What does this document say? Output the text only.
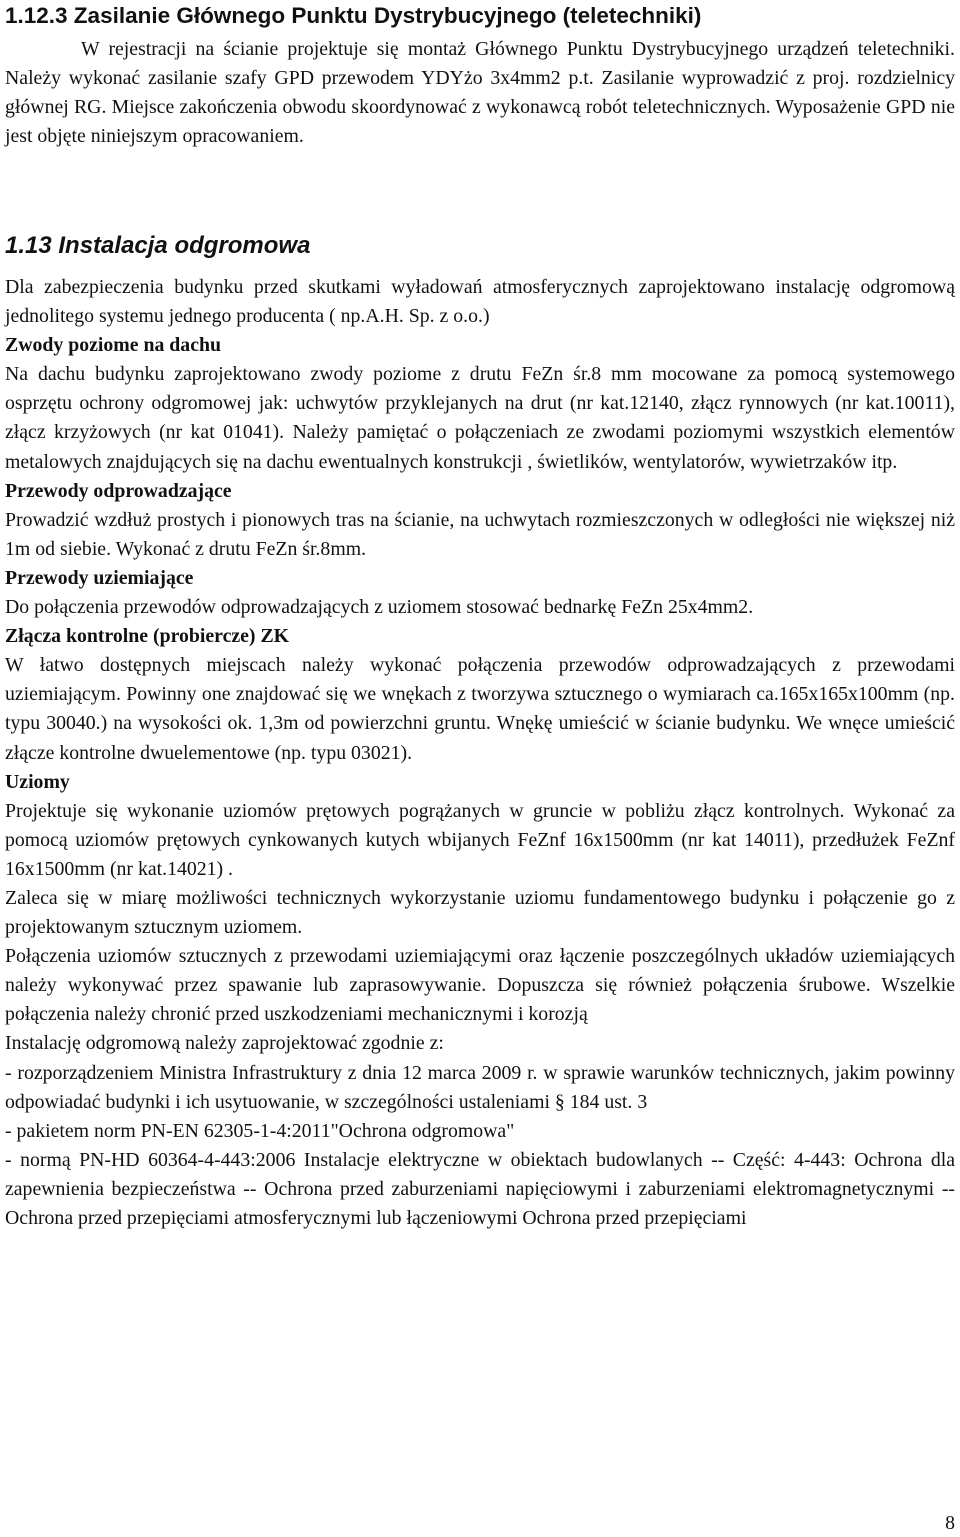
1.12.3 Zasilanie Głównego Punktu Dystrybucyjnego (teletechniki)

W rejestracji na ścianie projektuje się montaż Głównego Punktu Dystrybucyjnego urządzeń teletechniki. Należy wykonać zasilanie szafy GPD przewodem YDYżo 3x4mm2 p.t. Zasilanie wyprowadzić z proj. rozdzielnicy głównej RG. Miejsce zakończenia obwodu skoordynować z wykonawcą robót teletechnicznych. Wyposażenie GPD nie jest objęte niniejszym opracowaniem.

1.13 Instalacja odgromowa

Dla zabezpieczenia budynku przed skutkami wyładowań atmosferycznych zaprojektowano instalację odgromową jednolitego systemu jednego producenta ( np.A.H. Sp. z o.o.)

Zwody poziome na dachu

Na dachu budynku zaprojektowano zwody poziome z drutu FeZn śr.8 mm mocowane za pomocą systemowego osprzętu ochrony odgromowej jak: uchwytów przyklejanych na drut (nr kat.12140, złącz rynnowych (nr kat.10011), złącz krzyżowych (nr kat 01041). Należy pamiętać o połączeniach ze zwodami poziomymi wszystkich elementów metalowych znajdujących się na dachu ewentualnych konstrukcji , świetlików, wentylatorów, wywietrzaków itp.

Przewody odprowadzające

Prowadzić wzdłuż prostych i pionowych tras na ścianie, na uchwytach rozmieszczonych w odległości nie większej niż 1m od siebie. Wykonać z drutu FeZn śr.8mm.

Przewody uziemiające

Do połączenia przewodów odprowadzających z uziomem stosować bednarkę FeZn 25x4mm2.

Złącza kontrolne (probiercze) ZK

W łatwo dostępnych miejscach należy wykonać połączenia przewodów odprowadzających z przewodami uziemiającym. Powinny one znajdować się we wnękach z tworzywa sztucznego o wymiarach ca.165x165x100mm (np. typu 30040.) na wysokości ok. 1,3m od powierzchni gruntu. Wnękę umieścić w ścianie budynku. We wnęce umieścić złącze kontrolne dwuelementowe (np. typu 03021).

Uziomy

Projektuje się wykonanie uziomów prętowych pogrążanych w gruncie w pobliżu złącz kontrolnych. Wykonać za pomocą uziomów prętowych cynkowanych kutych wbijanych FeZnf 16x1500mm (nr kat 14011), przedłużek FeZnf 16x1500mm (nr kat.14021) .

Zaleca się w miarę możliwości technicznych wykorzystanie uziomu fundamentowego budynku i połączenie go z projektowanym sztucznym uziomem.

Połączenia uziomów sztucznych z przewodami uziemiającymi oraz łączenie poszczególnych układów uziemiających należy wykonywać przez spawanie lub zaprasowywanie. Dopuszcza się również połączenia śrubowe. Wszelkie połączenia należy chronić przed uszkodzeniami mechanicznymi i korozją

Instalację odgromową należy zaprojektować zgodnie z:

- rozporządzeniem Ministra Infrastruktury z dnia 12 marca 2009 r. w sprawie warunków technicznych, jakim powinny odpowiadać budynki i ich usytuowanie, w szczególności ustaleniami § 184 ust. 3

- pakietem norm PN-EN 62305-1-4:2011"Ochrona odgromowa"

- normą PN-HD 60364-4-443:2006 Instalacje elektryczne w obiektach budowlanych -- Część: 4-443: Ochrona dla zapewnienia bezpieczeństwa -- Ochrona przed zaburzeniami napięciowymi i zaburzeniami elektromagnetycznymi -- Ochrona przed przepięciami atmosferycznymi lub łączeniowymi Ochrona przed przepięciami

8
